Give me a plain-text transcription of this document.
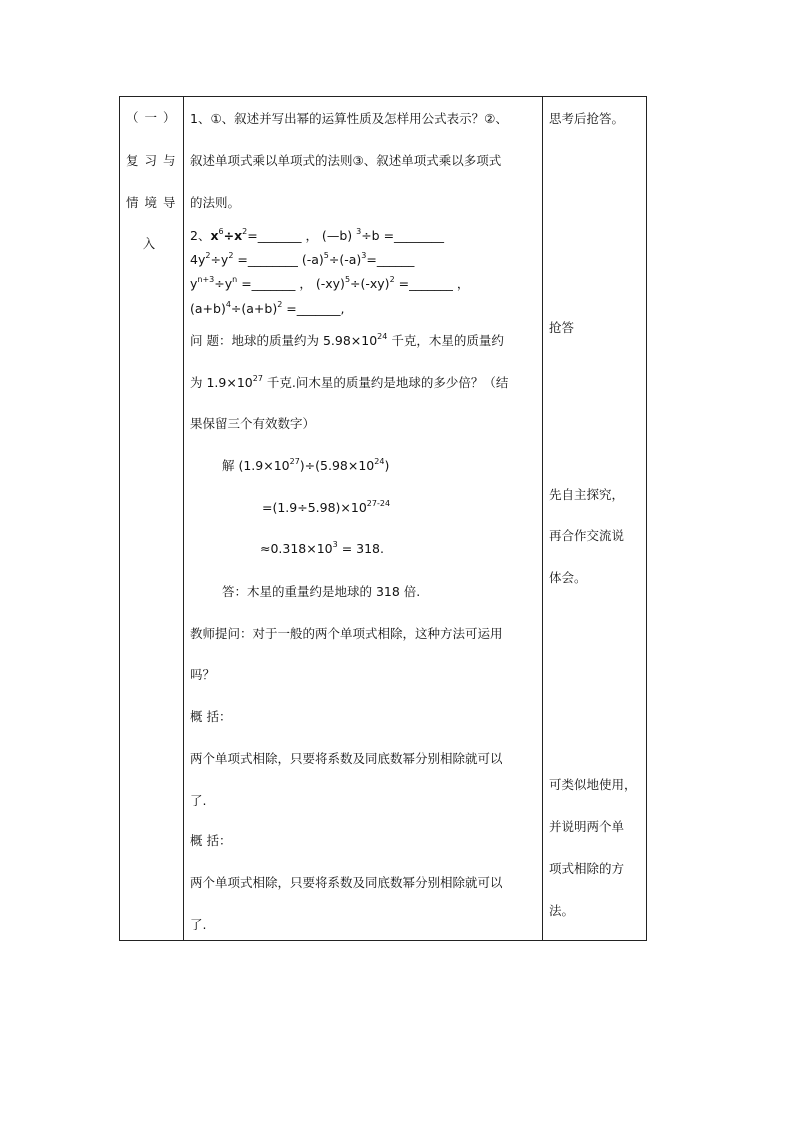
（一）
复习与
情境导
入
1、①、叙述并写出幂的运算性质及怎样用公式表示？②、
叙述单项式乘以单项式的法则③、叙述单项式乘以多项式
的法则。
2、$x^6\div x^2=\_\_\_\_\_\_\_$ ， (—b) $^3$÷b =________
$4y^2\div y^2$ =________ $(-a)^5\div(-a)^3=\_\_\_\_\_\_$
$y^{n+3}\div y^n$ =_______ ， $(-xy)^5\div(-xy)^2$ =_______ ，
$(a+b)^4\div(a+b)^2$ =_______,
问 题：地球的质量约为 $5.98\times 10^{24}$ 千克，木星的质量约
为 $1.9\times 10^{27}$ 千克.问木星的质量约是地球的多少倍？（结
果保留三个有效数字）
解 $(1.9\times 10^{27})\div(5.98\times 10^{24})$
$=(1.9\div 5.98)\times 10^{27-24}$
$\approx 0.318\times 10^3 = 318$.
答：木星的重量约是地球的 318 倍.
教师提问：对于一般的两个单项式相除，这种方法可运用
吗？
概 括：
两个单项式相除，只要将系数及同底数幂分别相除就可以
了.
概 括：
两个单项式相除，只要将系数及同底数幂分别相除就可以
了.
思考后抢答。
抢答
先自主探究，
再合作交流说
体会。
可类似地使用，
并说明两个单
项式相除的方
法。
